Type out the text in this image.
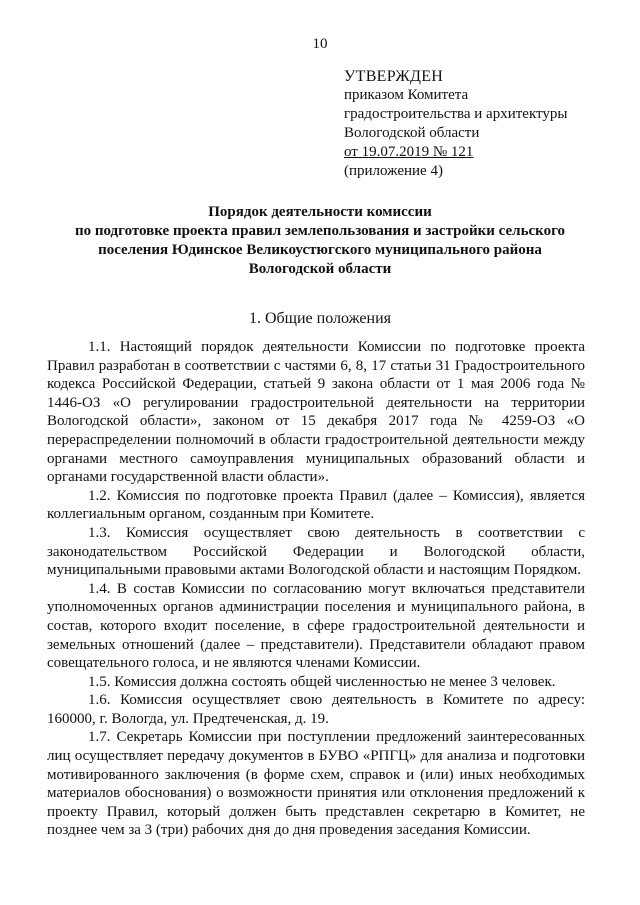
10
УТВЕРЖДЕН
приказом Комитета
градостроительства и архитектуры
Вологодской области
от 19.07.2019 № 121
(приложение 4)
Порядок деятельности комиссии
по подготовке проекта правил землепользования и застройки сельского
поселения Юдинское Великоустюгского муниципального района
Вологодской области
1. Общие положения

1.1. Настоящий порядок деятельности Комиссии по подготовке проекта Правил разработан в соответствии с частями 6, 8, 17 статьи 31 Градостроительного кодекса Российской Федерации, статьей 9 закона области от 1 мая 2006 года № 1446-ОЗ «О регулировании градостроительной деятельности на территории Вологодской области», законом от 15 декабря 2017 года № 4259-ОЗ «О перераспределении полномочий в области градостроительной деятельности между органами местного самоуправления муниципальных образований области и органами государственной власти области».

1.2. Комиссия по подготовке проекта Правил (далее – Комиссия), является коллегиальным органом, созданным при Комитете.

1.3. Комиссия осуществляет свою деятельность в соответствии с законодательством Российской Федерации и Вологодской области, муниципальными правовыми актами Вологодской области и настоящим Порядком.

1.4. В состав Комиссии по согласованию могут включаться представители уполномоченных органов администрации поселения и муниципального района, в состав, которого входит поселение, в сфере градостроительной деятельности и земельных отношений (далее – представители). Представители обладают правом совещательного голоса, и не являются членами Комиссии.

1.5. Комиссия должна состоять общей численностью не менее 3 человек.

1.6. Комиссия осуществляет свою деятельность в Комитете по адресу: 160000, г. Вологда, ул. Предтеченская, д. 19.

1.7. Секретарь Комиссии при поступлении предложений заинтересованных лиц осуществляет передачу документов в БУВО «РПГЦ» для анализа и подготовки мотивированного заключения (в форме схем, справок и (или) иных необходимых материалов обоснования) о возможности принятия или отклонения предложений к проекту Правил, который должен быть представлен секретарю в Комитет, не позднее чем за 3 (три) рабочих дня до дня проведения заседания Комиссии.
